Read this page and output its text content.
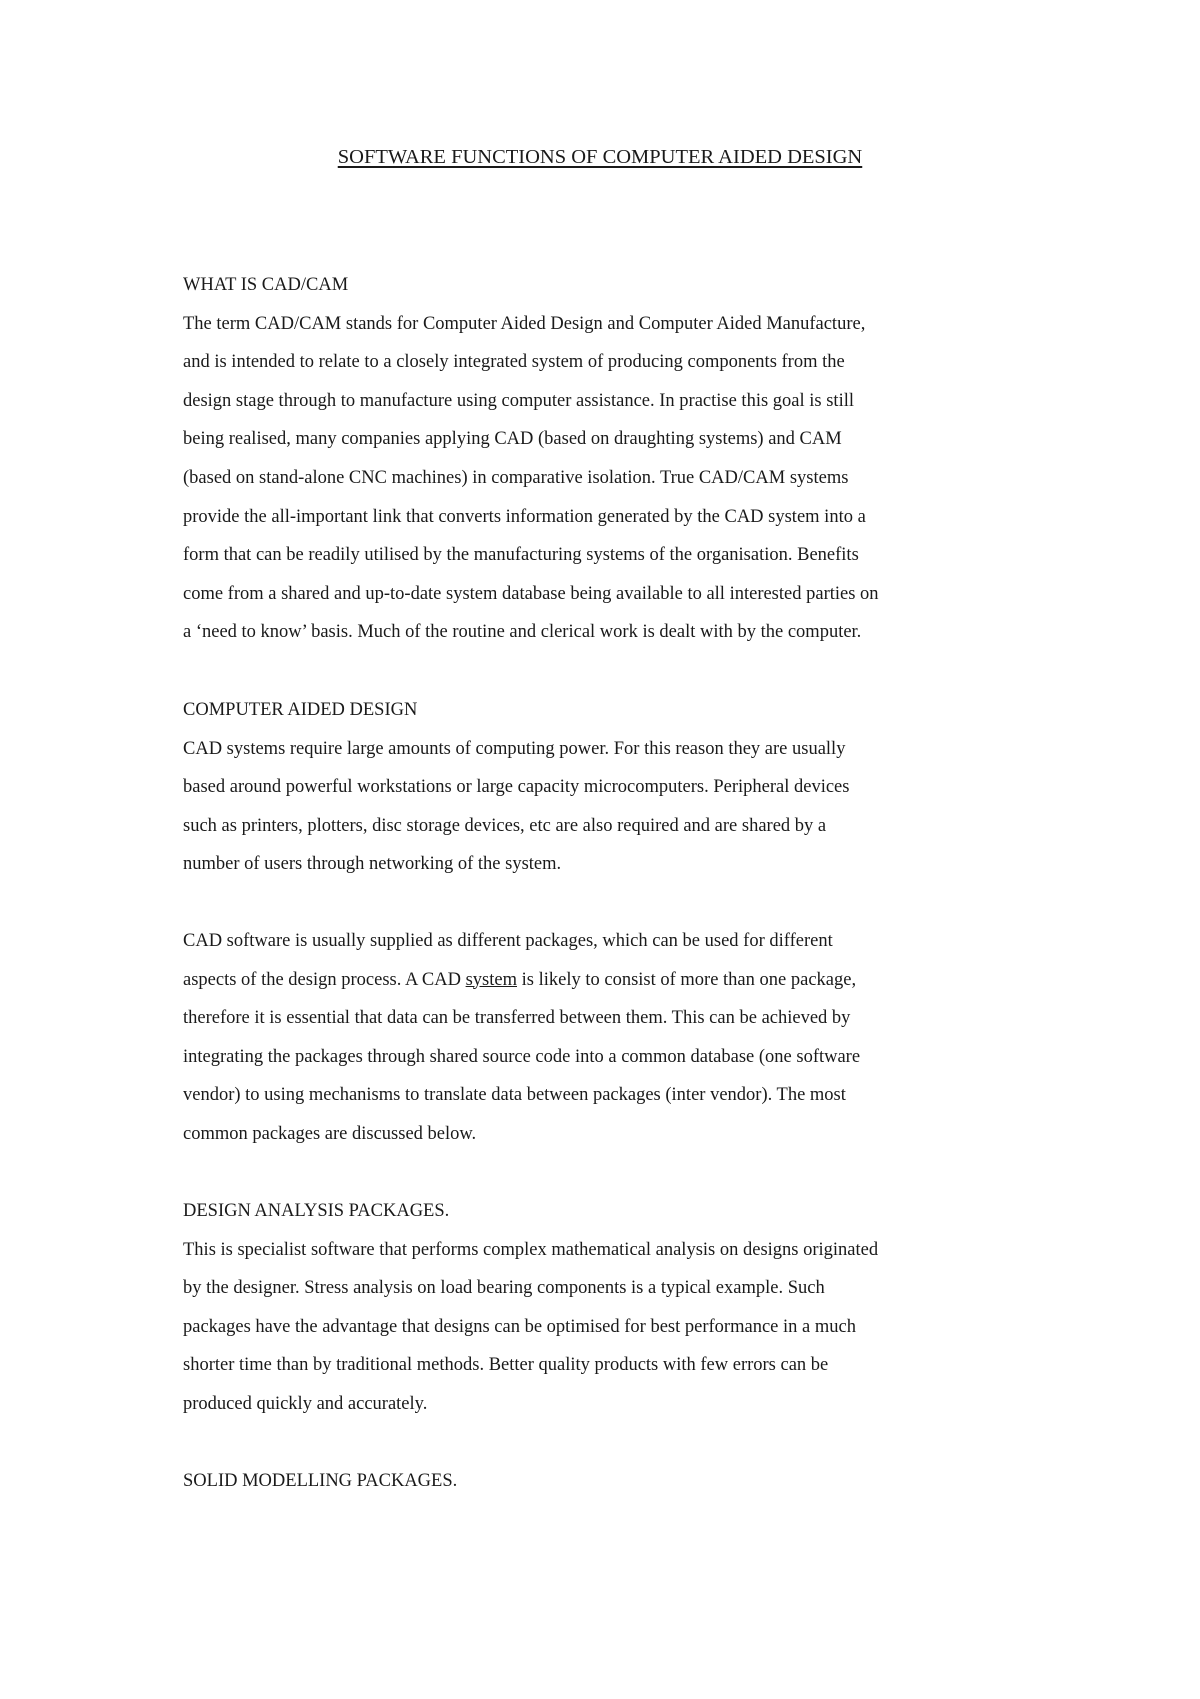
SOFTWARE FUNCTIONS OF COMPUTER AIDED DESIGN
WHAT IS CAD/CAM
The term CAD/CAM stands for Computer Aided Design and Computer Aided Manufacture,
and is intended to relate to a closely integrated system of producing components from the
design stage through to manufacture using computer assistance. In practise this goal is still
being realised, many companies applying CAD (based on draughting systems) and CAM
(based on stand-alone CNC machines) in comparative isolation. True CAD/CAM systems
provide the all-important link that converts information generated by the CAD system into a
form that can be readily utilised by the manufacturing systems of the organisation. Benefits
come from a shared and up-to-date system database being available to all interested parties on
a ‘need to know’ basis. Much of the routine and clerical work is dealt with by the computer.
COMPUTER AIDED DESIGN
CAD systems require large amounts of computing power. For this reason they are usually
based around powerful workstations or large capacity microcomputers. Peripheral devices
such as printers, plotters, disc storage devices, etc are also required and are shared by a
number of users through networking of the system.
CAD software is usually supplied as different packages, which can be used for different
aspects of the design process. A CAD system is likely to consist of more than one package,
therefore it is essential that data can be transferred between them. This can be achieved by
integrating the packages through shared source code into a common database (one software
vendor) to using mechanisms to translate data between packages (inter vendor). The most
common packages are discussed below.
DESIGN ANALYSIS PACKAGES.
This is specialist software that performs complex mathematical analysis on designs originated
by the designer. Stress analysis on load bearing components is a typical example. Such
packages have the advantage that designs can be optimised for best performance in a much
shorter time than by traditional methods. Better quality products with few errors can be
produced quickly and accurately.
SOLID MODELLING PACKAGES.
